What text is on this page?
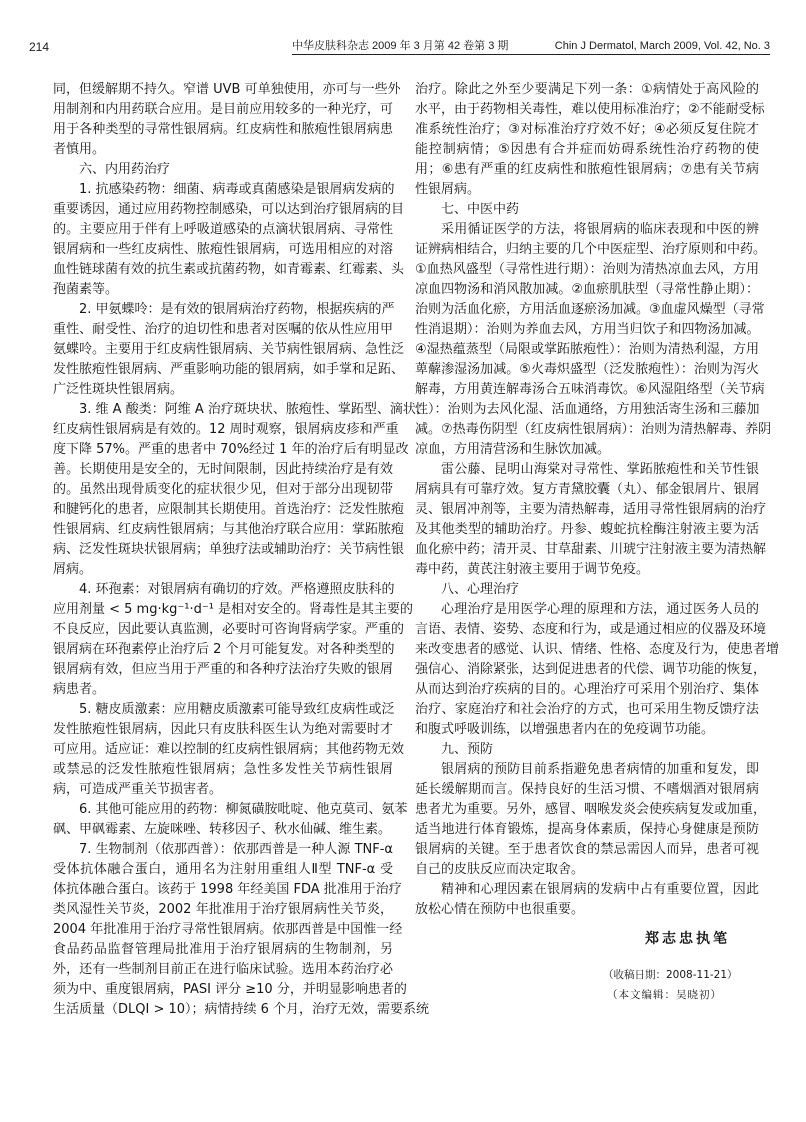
214	中华皮肤科杂志 2009 年 3 月第 42 卷第 3 期	Chin J Dermatol, March 2009, Vol. 42, No. 3
同，但缓解期不持久。窄谱 UVB 可单独使用，亦可与一些外
用制剂和内用药联合应用。是目前应用较多的一种光疗，可
用于各种类型的寻常性银屑病。红皮病性和脓疱性银屑病患
者慎用。
六、内用药治疗
1. 抗感染药物：细菌、病毒或真菌感染是银屑病发病的
重要诱因，通过应用药物控制感染，可以达到治疗银屑病的目
的。主要应用于伴有上呼吸道感染的点滴状银屑病、寻常性
银屑病和一些红皮病性、脓疱性银屑病，可选用相应的对溶
血性链球菌有效的抗生素或抗菌药物，如青霉素、红霉素、头
孢菌素等。
2. 甲氨蝶呤：是有效的银屑病治疗药物，根据疾病的严
重性、耐受性、治疗的迫切性和患者对医嘱的依从性应用甲
氨蝶呤。主要用于红皮病性银屑病、关节病性银屑病、急性泛
发性脓疱性银屑病、严重影响功能的银屑病，如手掌和足跖、
广泛性斑块性银屑病。
3. 维 A 酸类：阿维 A 治疗斑块状、脓疱性、掌跖型、滴状、
红皮病性银屑病是有效的。12 周时观察，银屑病皮疹和严重
度下降 57%。严重的患者中 70%经过 1 年的治疗后有明显改
善。长期使用是安全的，无时间限制，因此持续治疗是有效
的。虽然出现骨质变化的症状很少见，但对于部分出现韧带
和腱钙化的患者，应限制其长期使用。首选治疗：泛发性脓疱
性银屑病、红皮病性银屑病；与其他治疗联合应用：掌跖脓疱
病、泛发性斑块状银屑病；单独疗法或辅助治疗：关节病性银
屑病。
4. 环孢素：对银屑病有确切的疗效。严格遵照皮肤科的
应用剂量 < 5 mg·kg⁻¹·d⁻¹ 是相对安全的。肾毒性是其主要的
不良反应，因此要认真监测，必要时可咨询肾病学家。严重的
银屑病在环孢素停止治疗后 2 个月可能复发。对各种类型的
银屑病有效，但应当用于严重的和各种疗法治疗失败的银屑
病患者。
5. 糖皮质激素：应用糖皮质激素可能导致红皮病性或泛
发性脓疱性银屑病，因此只有皮肤科医生认为绝对需要时才
可应用。适应证：难以控制的红皮病性银屑病；其他药物无效
或禁忌的泛发性脓疱性银屑病；急性多发性关节病性银屑
病，可造成严重关节损害者。
6. 其他可能应用的药物：柳氮磺胺吡啶、他克莫司、氨苯
砜、甲砜霉素、左旋咪唑、转移因子、秋水仙碱、维生素。
7. 生物制剂（依那西普）：依那西普是一种人源 TNF-α
受体抗体融合蛋白，通用名为注射用重组人Ⅱ型 TNF-α 受
体抗体融合蛋白。该药于 1998 年经美国 FDA 批准用于治疗
类风湿性关节炎，2002 年批准用于治疗银屑病性关节炎，
2004 年批准用于治疗寻常性银屑病。依那西普是中国惟一经
食品药品监督管理局批准用于治疗银屑病的生物制剂，另
外，还有一些制剂目前正在进行临床试验。选用本药治疗必
须为中、重度银屑病，PASI 评分 ≥10 分，并明显影响患者的
生活质量（DLQI > 10）；病情持续 6 个月，治疗无效，需要系统
治疗。除此之外至少要满足下列一条：①病情处于高风险的
水平，由于药物相关毒性，难以使用标准治疗；②不能耐受标
准系统性治疗；③对标准治疗疗效不好；④必须反复住院才
能控制病情；⑤因患有合并症而妨碍系统性治疗药物的使
用；⑥患有严重的红皮病性和脓疱性银屑病；⑦患有关节病
性银屑病。
七、中医中药
采用循证医学的方法，将银屑病的临床表现和中医的辨
证辨病相结合，归纳主要的几个中医症型、治疗原则和中药。
①血热风盛型（寻常性进行期）：治则为清热凉血去风，方用
凉血四物汤和消风散加减。②血瘀肌肤型（寻常性静止期）：
治则为活血化瘀，方用活血逐瘀汤加减。③血虚风燥型（寻常
性消退期）：治则为养血去风，方用当归饮子和四物汤加减。
④湿热蕴蒸型（局限或掌跖脓疱性）：治则为清热利湿，方用
萆薢渗湿汤加减。⑤火毒炽盛型（泛发脓疱性）：治则为泻火
解毒，方用黄连解毒汤合五味消毒饮。⑥风湿阻络型（关节病
性）：治则为去风化湿、活血通络，方用独活寄生汤和三藤加
减。⑦热毒伤阴型（红皮病性银屑病）：治则为清热解毒、养阴
凉血，方用清营汤和生脉饮加减。
雷公藤、昆明山海棠对寻常性、掌跖脓疱性和关节性银
屑病具有可靠疗效。复方青黛胶囊（丸）、郁金银屑片、银屑
灵、银屑冲剂等，主要为清热解毒，适用寻常性银屑病的治疗
及其他类型的辅助治疗。丹参、蝮蛇抗栓酶注射液主要为活
血化瘀中药；清开灵、甘草甜素、川琥宁注射液主要为清热解
毒中药，黄芪注射液主要用于调节免疫。
八、心理治疗
心理治疗是用医学心理的原理和方法，通过医务人员的
言语、表情、姿势、态度和行为，或是通过相应的仪器及环境
来改变患者的感觉、认识、情绪、性格、态度及行为，使患者增
强信心、消除紧张，达到促进患者的代偿、调节功能的恢复，
从而达到治疗疾病的目的。心理治疗可采用个别治疗、集体
治疗、家庭治疗和社会治疗的方式，也可采用生物反馈疗法
和腹式呼吸训练，以增强患者内在的免疫调节功能。
九、预防
银屑病的预防目前系指避免患者病情的加重和复发，即
延长缓解期而言。保持良好的生活习惯、不嗜烟酒对银屑病
患者尤为重要。另外，感冒、咽喉发炎会使疾病复发或加重，
适当地进行体育锻炼，提高身体素质，保持心身健康是预防
银屑病的关键。至于患者饮食的禁忌需因人而异，患者可视
自己的皮肤反应而决定取舍。
精神和心理因素在银屑病的发病中占有重要位置，因此
放松心情在预防中也很重要。
郑志忠执笔
（收稿日期：2008-11-21）
（本文编辑：吴晓初）
